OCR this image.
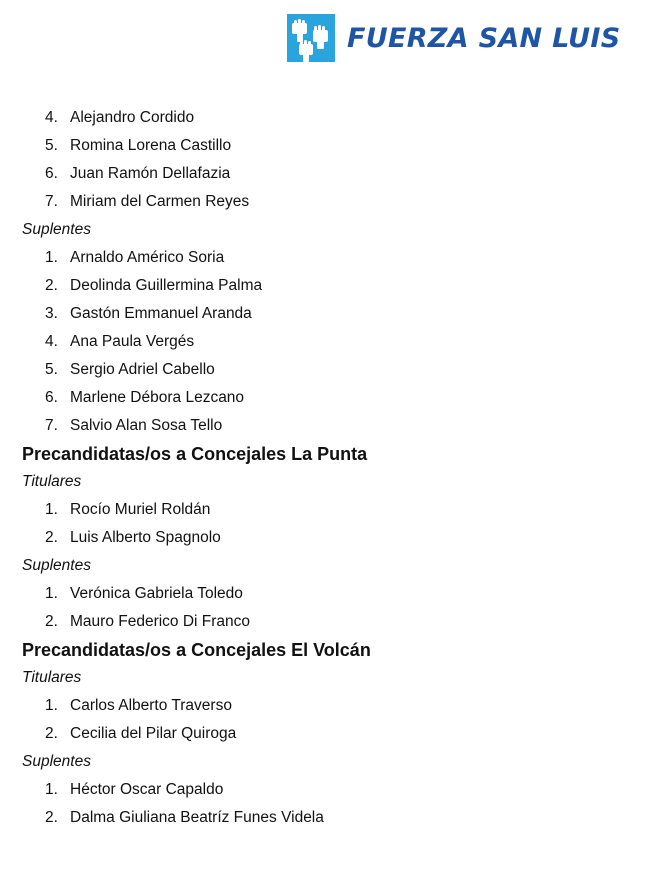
FUERZA SAN LUIS
4. Alejandro Cordido
5. Romina Lorena Castillo
6. Juan Ramón Dellafazia
7. Miriam del Carmen Reyes
Suplentes
1. Arnaldo Américo Soria
2. Deolinda Guillermina Palma
3. Gastón Emmanuel Aranda
4. Ana Paula Vergés
5. Sergio Adriel Cabello
6. Marlene Débora Lezcano
7. Salvio Alan Sosa Tello
Precandidatas/os a Concejales La Punta
Titulares
1. Rocío Muriel Roldán
2. Luis Alberto Spagnolo
Suplentes
1. Verónica Gabriela Toledo
2. Mauro Federico Di Franco
Precandidatas/os a Concejales El Volcán
Titulares
1. Carlos Alberto Traverso
2. Cecilia del Pilar Quiroga
Suplentes
1. Héctor Oscar Capaldo
2. Dalma Giuliana Beatríz Funes Videla
